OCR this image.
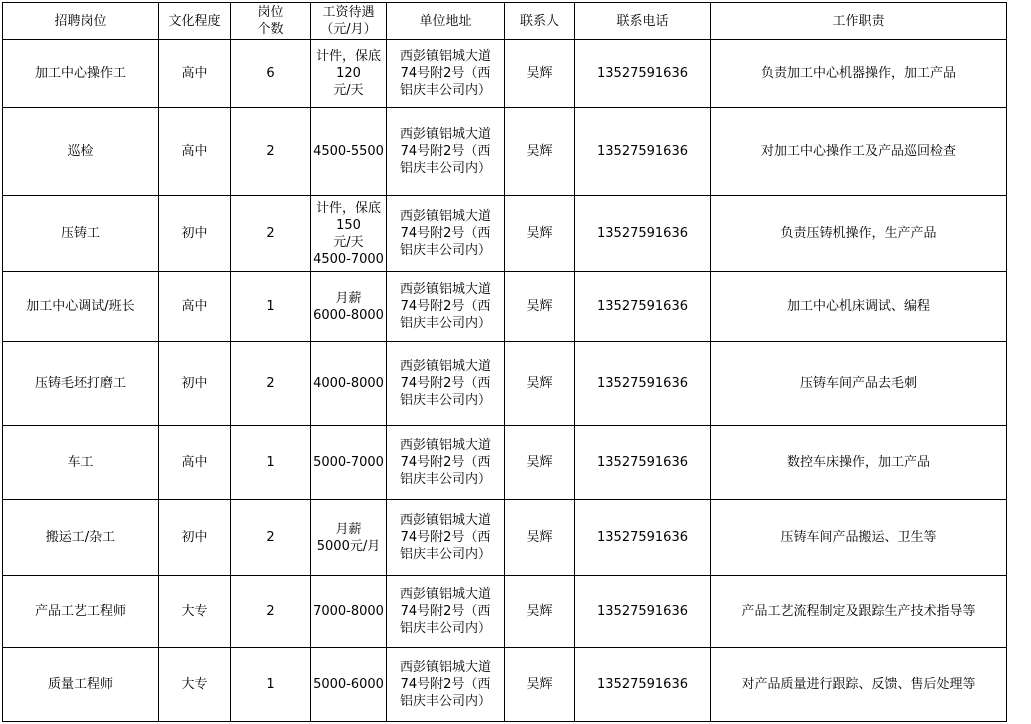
招聘岗位	文化程度	岗位
个数	工资待遇
（元/月）	单位地址	联系人	联系电话	工作职责
加工中心操作工	高中	6	计件，保底120
元/天	西彭镇铝城大道
74号附2号（西
铝庆丰公司内）	吴辉	13527591636	负责加工中心机器操作，加工产品
巡检	高中	2	4500-5500	西彭镇铝城大道
74号附2号（西
铝庆丰公司内）	吴辉	13527591636	对加工中心操作工及产品巡回检查
压铸工	初中	2	计件，保底150
元/天
4500-7000	西彭镇铝城大道
74号附2号（西
铝庆丰公司内）	吴辉	13527591636	负责压铸机操作，生产产品
加工中心调试/班长	高中	1	月薪
6000-8000	西彭镇铝城大道
74号附2号（西
铝庆丰公司内）	吴辉	13527591636	加工中心机床调试、编程
压铸毛坯打磨工	初中	2	4000-8000	西彭镇铝城大道
74号附2号（西
铝庆丰公司内）	吴辉	13527591636	压铸车间产品去毛刺
车工	高中	1	5000-7000	西彭镇铝城大道
74号附2号（西
铝庆丰公司内）	吴辉	13527591636	数控车床操作，加工产品
搬运工/杂工	初中	2	月薪
5000元/月	西彭镇铝城大道
74号附2号（西
铝庆丰公司内）	吴辉	13527591636	压铸车间产品搬运、卫生等
产品工艺工程师	大专	2	7000-8000	西彭镇铝城大道
74号附2号（西
铝庆丰公司内）	吴辉	13527591636	产品工艺流程制定及跟踪生产技术指导等
质量工程师	大专	1	5000-6000	西彭镇铝城大道
74号附2号（西
铝庆丰公司内）	吴辉	13527591636	对产品质量进行跟踪、反馈、售后处理等
